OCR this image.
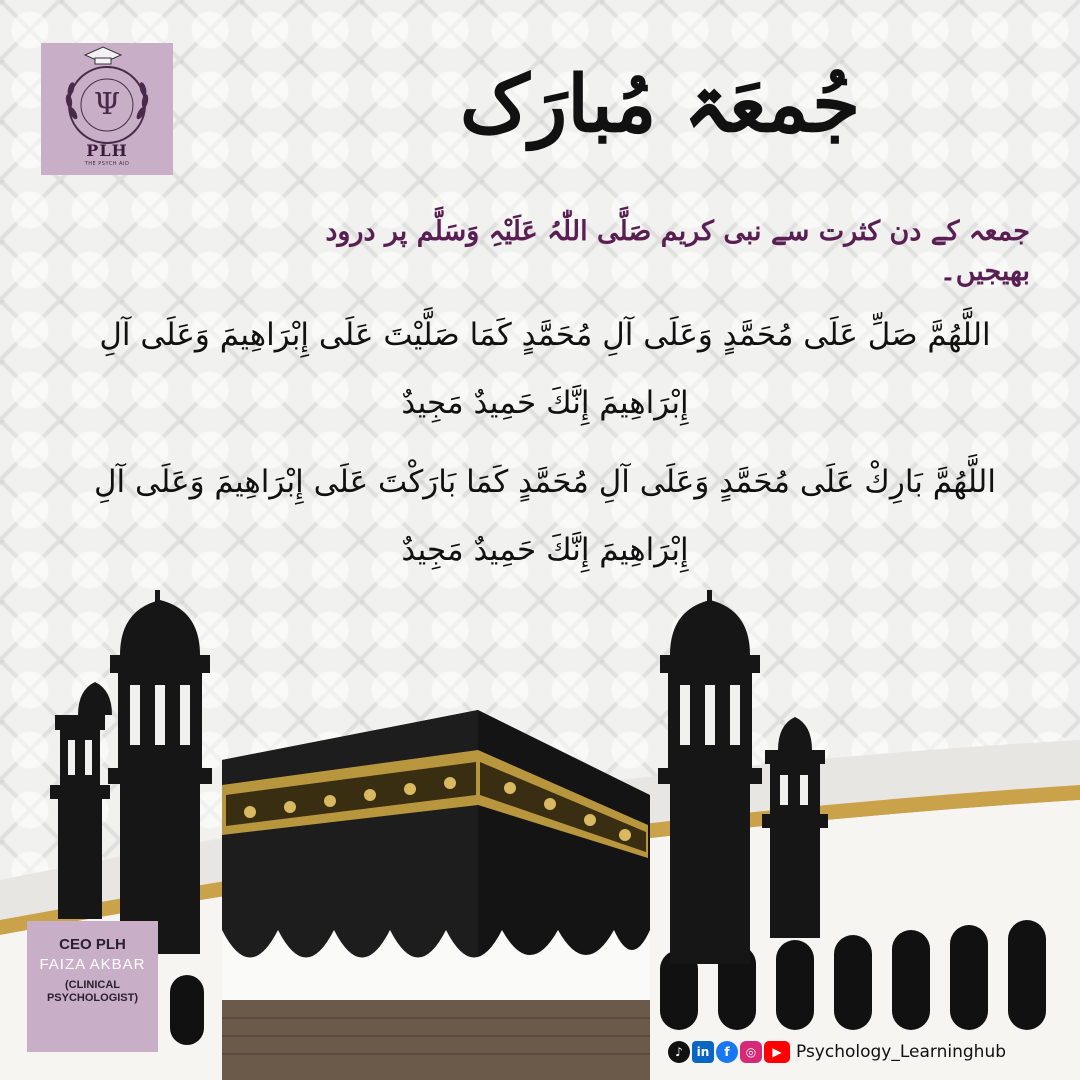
Ψ
PLH
THE PSYCH AID
جُمعَۃ مُبارَک
جمعہ کے دن کثرت سے نبی کریم صَلَّی اللّٰہُ عَلَیْہِ وَسَلَّم پر درود بھیجیں۔
اللَّهُمَّ صَلِّ عَلَى مُحَمَّدٍ وَعَلَى آلِ مُحَمَّدٍ كَمَا صَلَّيْتَ عَلَى إِبْرَاهِيمَ وَعَلَى آلِ
إِبْرَاهِيمَ إِنَّكَ حَمِيدٌ مَجِيدٌ
اللَّهُمَّ بَارِكْ عَلَى مُحَمَّدٍ وَعَلَى آلِ مُحَمَّدٍ كَمَا بَارَكْتَ عَلَى إِبْرَاهِيمَ وَعَلَى آلِ
إِبْرَاهِيمَ إِنَّكَ حَمِيدٌ مَجِيدٌ
CEO PLH
FAIZA AKBAR
(CLINICAL PSYCHOLOGIST)
♪	in	f	◎	▶ Psychology_Learninghub
